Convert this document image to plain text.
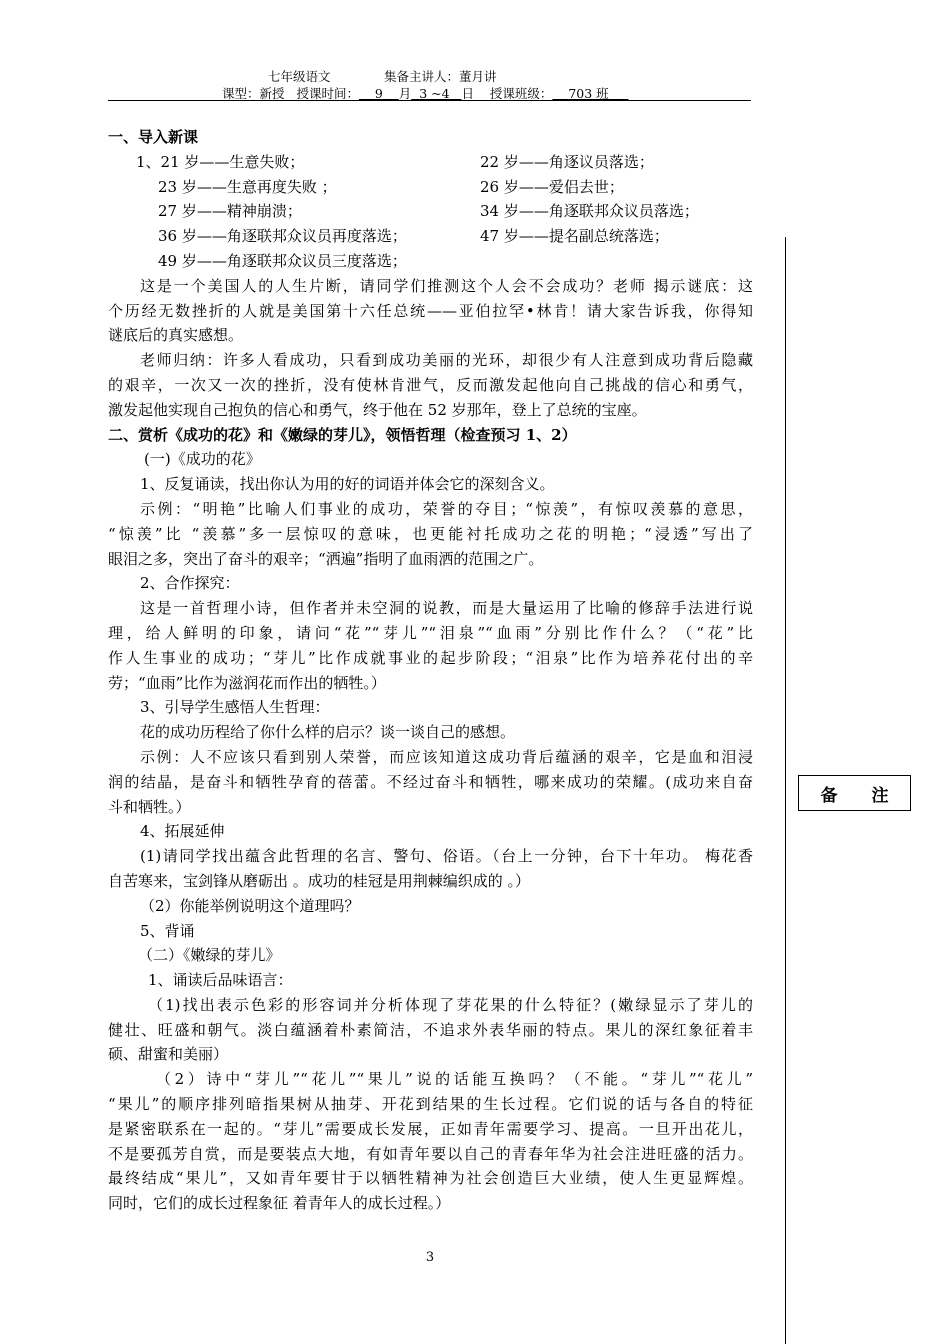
七年级语文	集备主讲人：董月讲
课型：新授 授课时间： 9 月 3 ~4 日 授课班级： 703 班
备 注
一、导入新课
1、21 岁——生意失败；	22 岁——角逐议员落选；
23 岁——生意再度失败 ；	26 岁——爱侣去世；
27 岁——精神崩溃；	34 岁——角逐联邦众议员落选；
36 岁——角逐联邦众议员再度落选；	47 岁——提名副总统落选；
49 岁——角逐联邦众议员三度落选；
这是一个美国人的人生片断，请同学们推测这个人会不会成功？老师 揭示谜底：这
个历经无数挫折的人就是美国第十六任总统——亚伯拉罕•林肯！请大家告诉我，你得知
谜底后的真实感想。
老师归纳：许多人看成功，只看到成功美丽的光环，却很少有人注意到成功背后隐藏
的艰辛，一次又一次的挫折，没有使林肯泄气，反而激发起他向自己挑战的信心和勇气，
激发起他实现自己抱负的信心和勇气，终于他在 52 岁那年，登上了总统的宝座。
二、赏析《成功的花》和《嫩绿的芽儿》，领悟哲理（检查预习 1、2）
(一)《成功的花》
1、反复诵读，找出你认为用的好的词语并体会它的深刻含义。
示例：“明艳”比喻人们事业的成功，荣誉的夺目；“惊羡”，有惊叹羡慕的意思，
“惊羡”比 “羡慕”多一层惊叹的意味，也更能衬托成功之花的明艳；“浸透”写出了
眼泪之多，突出了奋斗的艰辛；“洒遍”指明了血雨洒的范围之广。
2、合作探究：
这是一首哲理小诗，但作者并未空洞的说教，而是大量运用了比喻的修辞手法进行说
理，给人鲜明的印象，请问“花”“芽儿”“泪泉”“血雨”分别比作什么？（“花”比
作人生事业的成功；“芽儿”比作成就事业的起步阶段；“泪泉”比作为培养花付出的辛
劳；“血雨”比作为滋润花而作出的牺牲。）
3、引导学生感悟人生哲理：
花的成功历程给了你什么样的启示？谈一谈自己的感想。
示例：人不应该只看到别人荣誉，而应该知道这成功背后蕴涵的艰辛，它是血和泪浸
润的结晶，是奋斗和牺牲孕育的蓓蕾。不经过奋斗和牺牲，哪来成功的荣耀。(成功来自奋
斗和牺牲。）
4、拓展延伸
(1)请同学找出蕴含此哲理的名言、警句、俗语。（台上一分钟，台下十年功。 梅花香
自苦寒来，宝剑锋从磨砺出 。成功的桂冠是用荆棘编织成的 。）
（2）你能举例说明这个道理吗？
5、背诵
（二）《嫩绿的芽儿》
1、诵读后品味语言：
（1)找出表示色彩的形容词并分析体现了芽花果的什么特征？(嫩绿显示了芽儿的
健壮、旺盛和朝气。淡白蕴涵着朴素简洁，不追求外表华丽的特点。果儿的深红象征着丰
硕、甜蜜和美丽）
（2）诗中“芽儿”“花儿”“果儿”说的话能互换吗？（不能。“芽儿”“花儿”
“果儿”的顺序排列暗指果树从抽芽、开花到结果的生长过程。它们说的话与各自的特征
是紧密联系在一起的。“芽儿”需要成长发展，正如青年需要学习、提高。一旦开出花儿，
不是要孤芳自赏，而是要装点大地，有如青年要以自己的青春年华为社会注进旺盛的活力。
最终结成“果儿”，又如青年要甘于以牺牲精神为社会创造巨大业绩，使人生更显辉煌。
同时，它们的成长过程象征 着青年人的成长过程。）
3
